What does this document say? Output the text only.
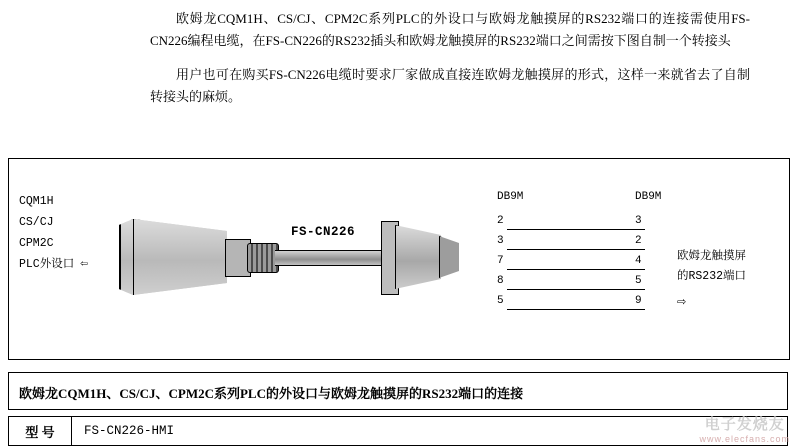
欧姆龙CQM1H、CS/CJ、CPM2C系列PLC的外设口与欧姆龙触摸屏的RS232端口的连接需使用FS-CN226编程电缆，在FS-CN226的RS232插头和欧姆龙触摸屏的RS232端口之间需按下图自制一个转接头

用户也可在购买FS-CN226电缆时要求厂家做成直接连欧姆龙触摸屏的形式，这样一来就省去了自制转接头的麻烦。

CQM1H
CS/CJ
CPM2C
PLC外设口 ⇦
FS-CN226
DB9M
2
3
7
8
5
DB9M
3
2
4
5
9
欧姆龙触摸屏
的RS232端口
⇨
欧姆龙CQM1H、CS/CJ、CPM2C系列PLC的外设口与欧姆龙触摸屏的RS232端口的连接
型 号	FS-CN226-HMI	电子发烧友
www.elecfans.com
